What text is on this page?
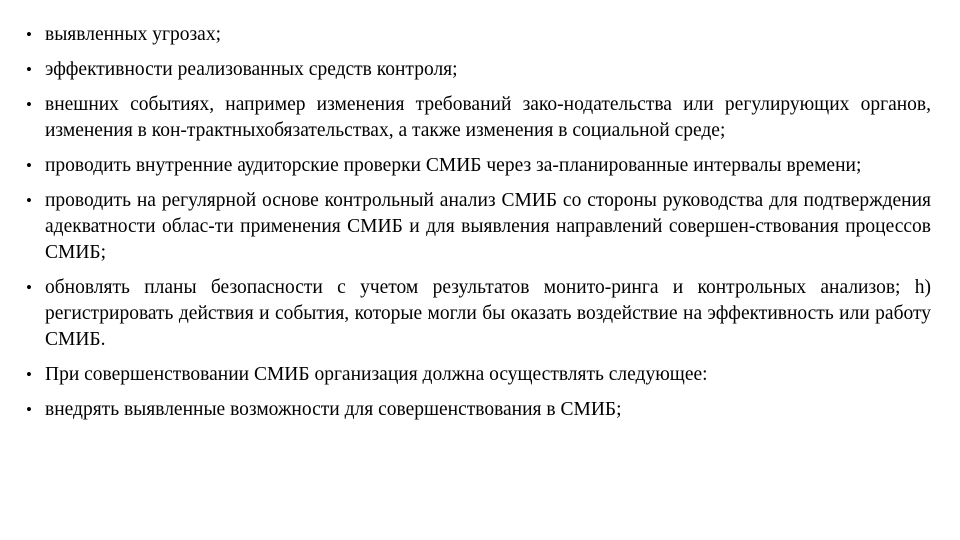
• выявленных угрозах;
• эффективности реализованных средств контроля;
• внешних событиях, например изменения требований зако-нодательства или регулирующих органов, изменения в кон-трактныхобязательствах, а также изменения в социальной среде;
• проводить внутренние аудиторские проверки СМИБ через за-планированные интервалы времени;
• проводить на регулярной основе контрольный анализ СМИБ со стороны руководства для подтверждения адекватности облас-ти применения СМИБ и для выявления направлений совершен-ствования процессов СМИБ;
• обновлять планы безопасности с учетом результатов монито-ринга и контрольных анализов; h) регистрировать действия и события, которые могли бы оказать воздействие на эффективность или работу СМИБ.
• При совершенствовании СМИБ организация должна осуществлять следующее:
• внедрять выявленные возможности для совершенствования в СМИБ;
